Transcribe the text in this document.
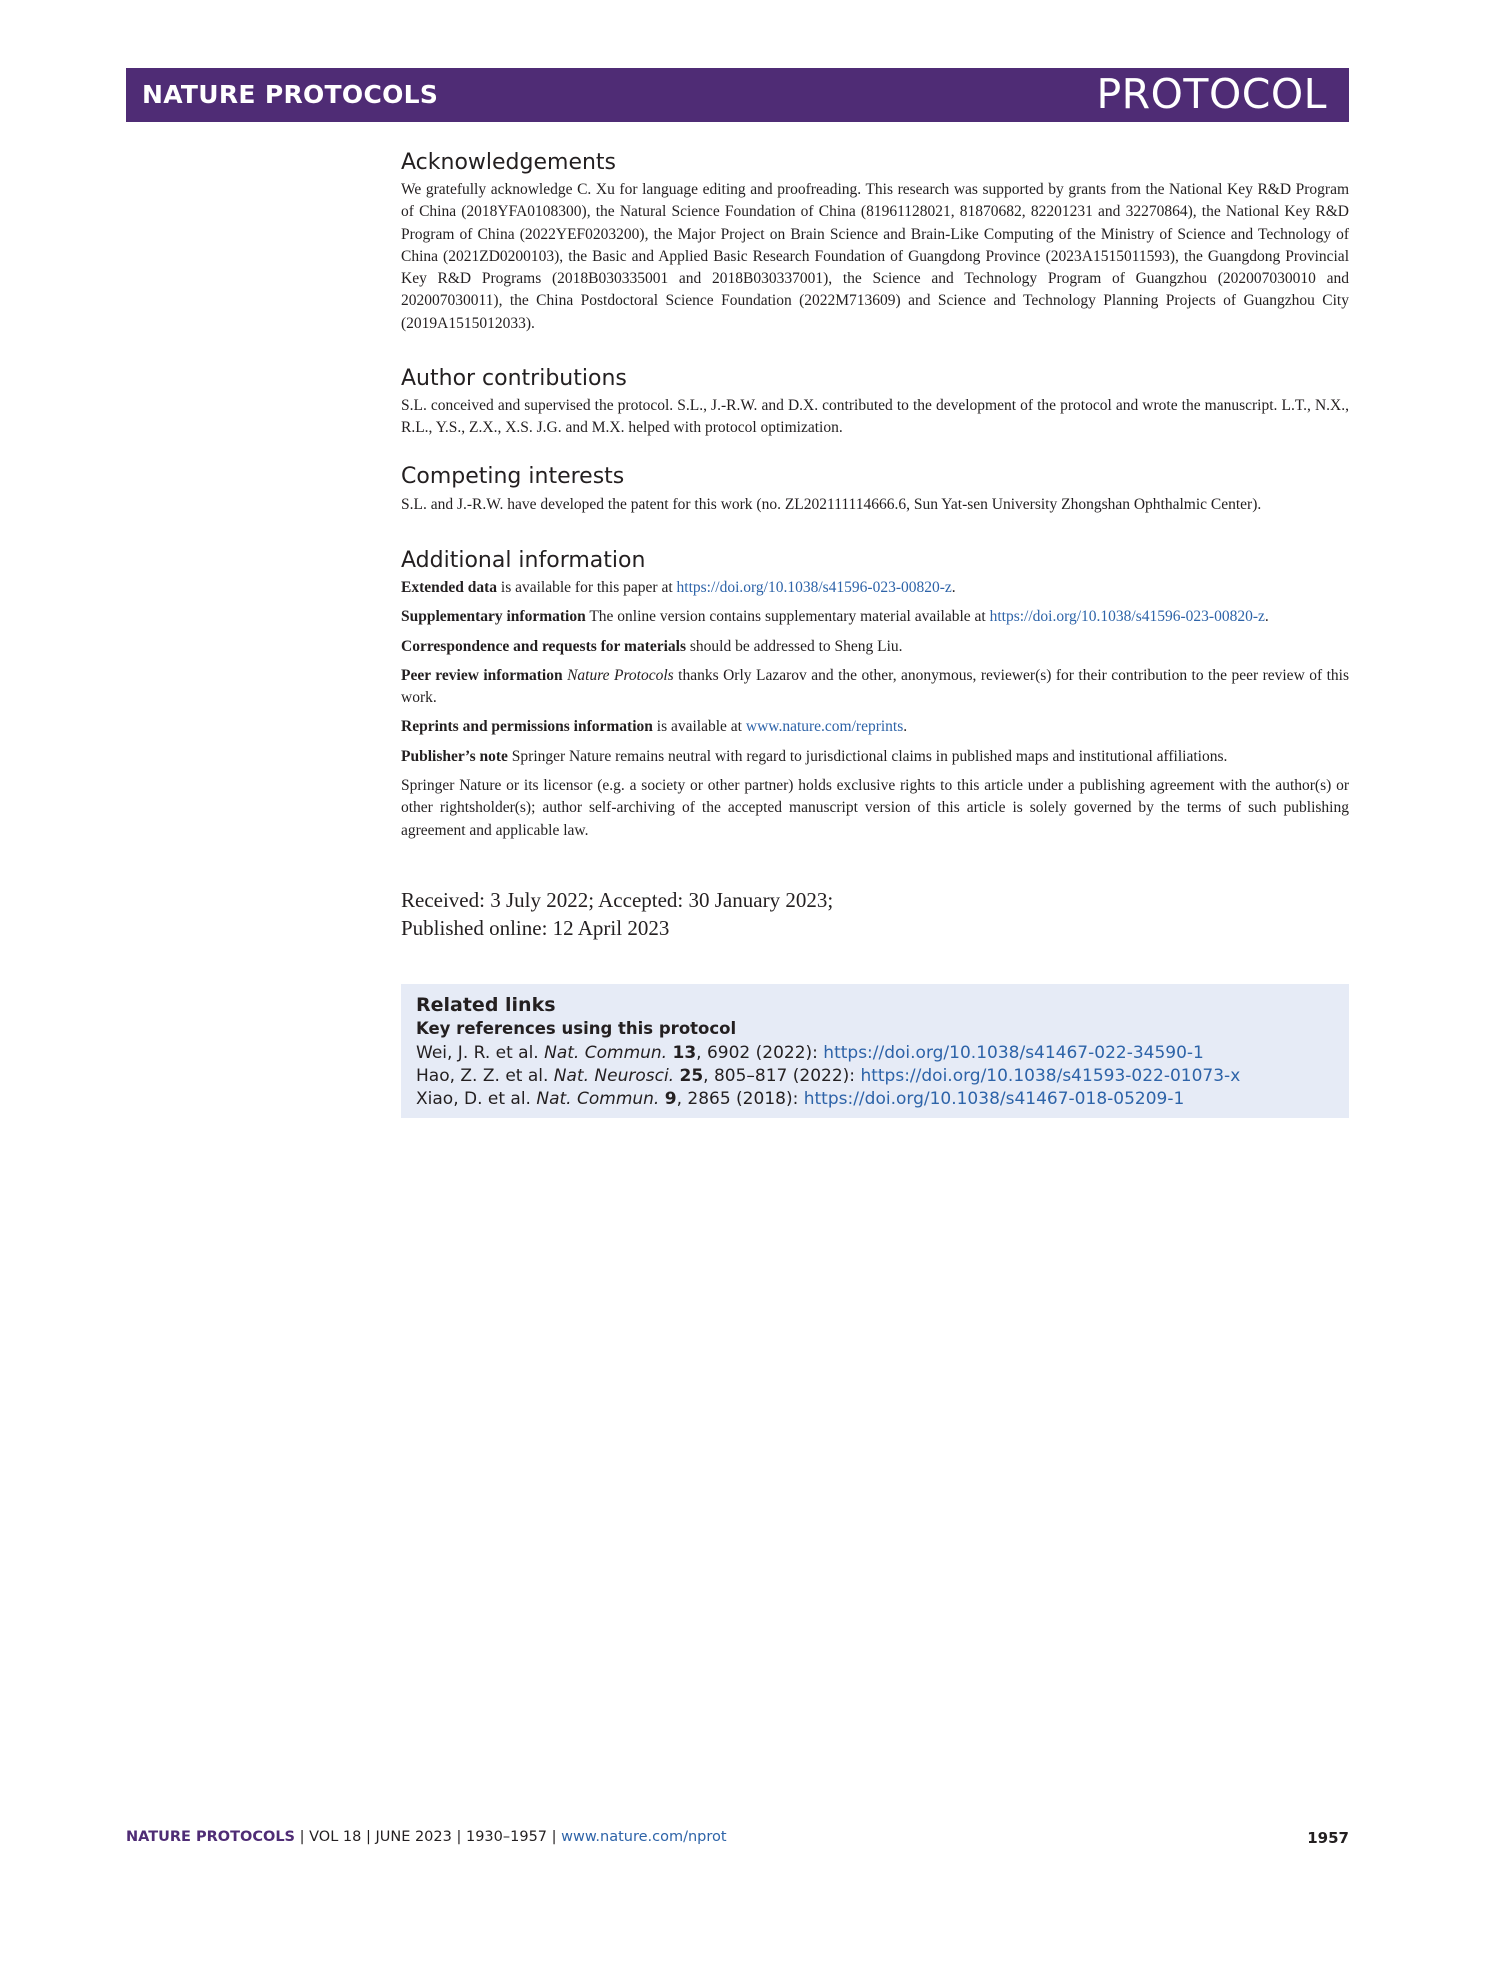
NATURE PROTOCOLS	PROTOCOL
Acknowledgements
We gratefully acknowledge C. Xu for language editing and proofreading. This research was supported by grants from the National Key R&D Program of China (2018YFA0108300), the Natural Science Foundation of China (81961128021, 81870682, 82201231 and 32270864), the National Key R&D Program of China (2022YEF0203200), the Major Project on Brain Science and Brain-Like Computing of the Ministry of Science and Technology of China (2021ZD0200103), the Basic and Applied Basic Research Foundation of Guangdong Province (2023A1515011593), the Guangdong Provincial Key R&D Programs (2018B030335001 and 2018B030337001), the Science and Technology Program of Guangzhou (202007030010 and 202007030011), the China Postdoctoral Science Foundation (2022M713609) and Science and Technology Planning Projects of Guangzhou City (2019A1515012033).
Author contributions
S.L. conceived and supervised the protocol. S.L., J.-R.W. and D.X. contributed to the development of the protocol and wrote the manuscript. L.T., N.X., R.L., Y.S., Z.X., X.S. J.G. and M.X. helped with protocol optimization.
Competing interests
S.L. and J.-R.W. have developed the patent for this work (no. ZL202111114666.6, Sun Yat-sen University Zhongshan Ophthalmic Center).
Additional information

Extended data is available for this paper at https://doi.org/10.1038/s41596-023-00820-z.

Supplementary information The online version contains supplementary material available at https://doi.org/10.1038/s41596-023-00820-z.

Correspondence and requests for materials should be addressed to Sheng Liu.

Peer review information Nature Protocols thanks Orly Lazarov and the other, anonymous, reviewer(s) for their contribution to the peer review of this work.

Reprints and permissions information is available at www.nature.com/reprints.

Publisher’s note Springer Nature remains neutral with regard to jurisdictional claims in published maps and institutional affiliations.

Springer Nature or its licensor (e.g. a society or other partner) holds exclusive rights to this article under a publishing agreement with the author(s) or other rightsholder(s); author self-archiving of the accepted manuscript version of this article is solely governed by the terms of such publishing agreement and applicable law.

Received: 3 July 2022; Accepted: 30 January 2023;
Published online: 12 April 2023
Related links
Key references using this protocol
Wei, J. R. et al. Nat. Commun. 13, 6902 (2022): https://doi.org/10.1038/s41467-022-34590-1
Hao, Z. Z. et al. Nat. Neurosci. 25, 805–817 (2022): https://doi.org/10.1038/s41593-022-01073-x
Xiao, D. et al. Nat. Commun. 9, 2865 (2018): https://doi.org/10.1038/s41467-018-05209-1
NATURE PROTOCOLS | VOL 18 | JUNE 2023 | 1930–1957 | www.nature.com/nprot	1957
